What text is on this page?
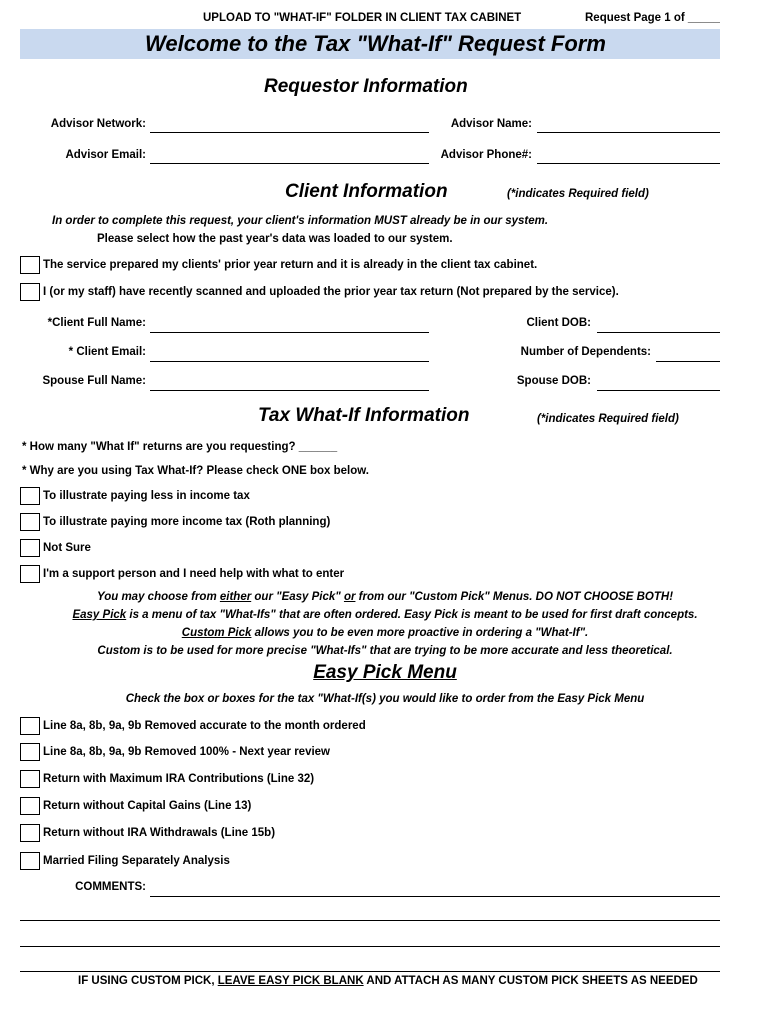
UPLOAD TO "WHAT-IF" FOLDER IN CLIENT TAX CABINET	Request Page 1 of _____
Welcome to the Tax "What-If" Request Form
Requestor Information
Advisor Network:	Advisor Name:
Advisor Email:	Advisor Phone#:
Client Information	(*indicates Required field)
In order to complete this request, your client's information MUST already be in our system.
Please select how the past year's data was loaded to our system.
The service prepared my clients' prior year return and it is already in the client tax cabinet.
I (or my staff) have recently scanned and uploaded the prior year tax return (Not prepared by the service).
*Client Full Name:	Client DOB:
* Client Email:	Number of Dependents:
Spouse Full Name:	Spouse DOB:
Tax What-If Information	(*indicates Required field)
* How many "What If" returns are you requesting? ______
* Why are you using Tax What-If? Please check ONE box below.
To illustrate paying less in income tax
To illustrate paying more income tax (Roth planning)
Not Sure
I'm a support person and I need help with what to enter
You may choose from either our "Easy Pick" or from our "Custom Pick" Menus. DO NOT CHOOSE BOTH!
Easy Pick is a menu of tax "What-Ifs" that are often ordered. Easy Pick is meant to be used for first draft concepts.
Custom Pick allows you to be even more proactive in ordering a "What-If".
Custom is to be used for more precise "What-Ifs" that are trying to be more accurate and less theoretical.
Easy Pick Menu
Check the box or boxes for the tax "What-If(s) you would like to order from the Easy Pick Menu
Line 8a, 8b, 9a, 9b Removed accurate to the month ordered
Line 8a, 8b, 9a, 9b Removed 100% - Next year review
Return with Maximum IRA Contributions (Line 32)
Return without Capital Gains (Line 13)
Return without IRA Withdrawals (Line 15b)
Married Filing Separately Analysis
COMMENTS:
IF USING CUSTOM PICK, LEAVE EASY PICK BLANK AND ATTACH AS MANY CUSTOM PICK SHEETS AS NEEDED
